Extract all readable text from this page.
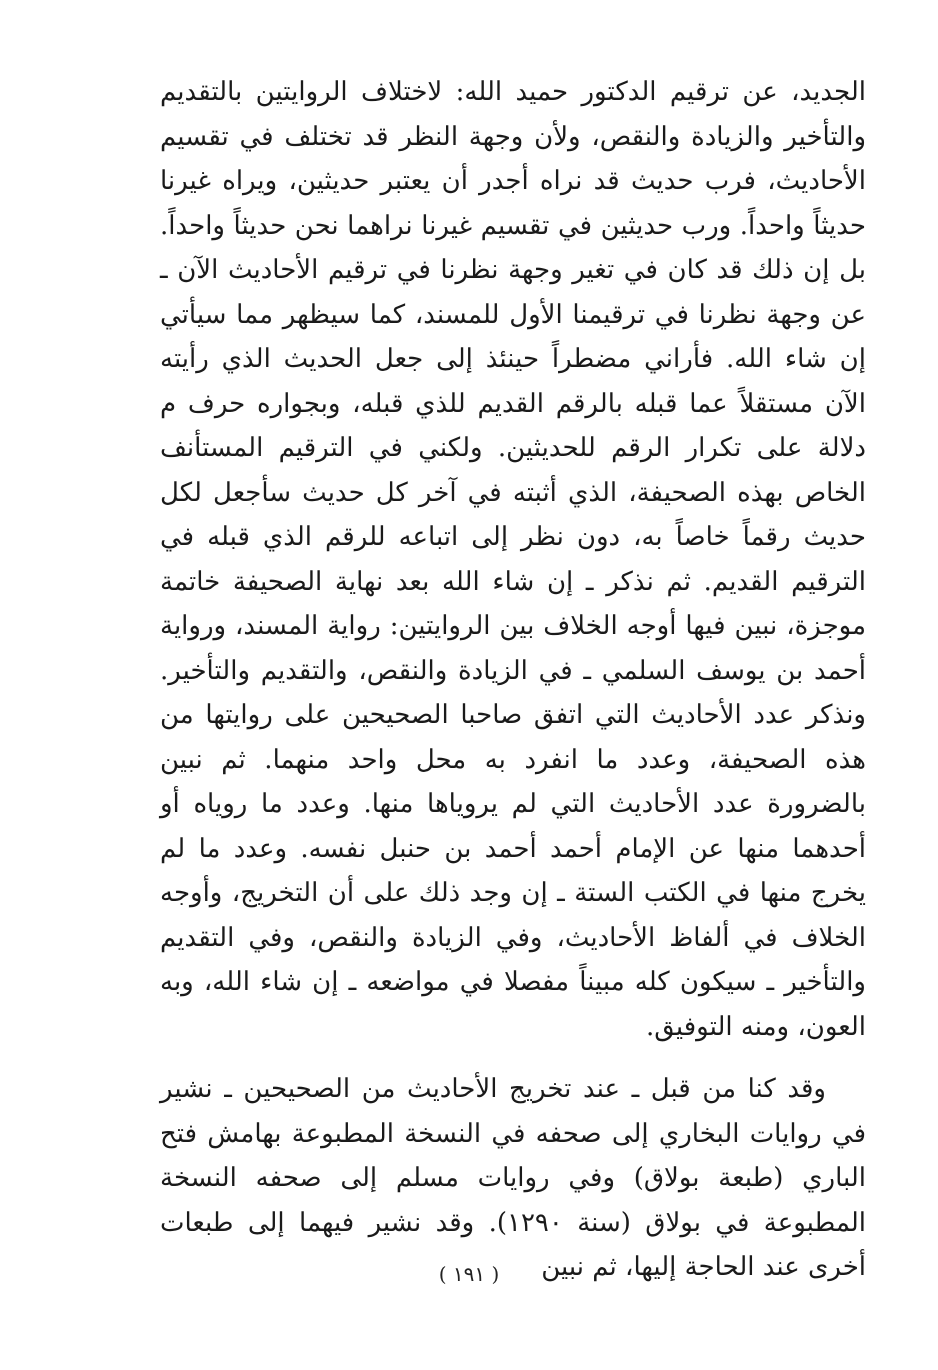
الجديد، عن ترقيم الدكتور حميد الله: لاختلاف الروايتين بالتقديم والتأخير والزيادة والنقص، ولأن وجهة النظر قد تختلف في تقسيم الأحاديث، فرب حديث قد نراه أجدر أن يعتبر حديثين، ويراه غيرنا حديثاً واحداً. ورب حديثين في تقسيم غيرنا نراهما نحن حديثاً واحداً. بل إن ذلك قد كان في تغير وجهة نظرنا في ترقيم الأحاديث الآن ـ عن وجهة نظرنا في ترقيمنا الأول للمسند، كما سيظهر مما سيأتي إن شاء الله. فأراني مضطراً حينئذ إلى جعل الحديث الذي رأيته الآن مستقلاً عما قبله بالرقم القديم للذي قبله، وبجواره حرف م دلالة على تكرار الرقم للحديثين. ولكني في الترقيم المستأنف الخاص بهذه الصحيفة، الذي أثبته في آخر كل حديث سأجعل لكل حديث رقماً خاصاً به، دون نظر إلى اتباعه للرقم الذي قبله في الترقيم القديم. ثم نذكر ـ إن شاء الله بعد نهاية الصحيفة خاتمة موجزة، نبين فيها أوجه الخلاف بين الروايتين: رواية المسند، ورواية أحمد بن يوسف السلمي ـ في الزيادة والنقص، والتقديم والتأخير. ونذكر عدد الأحاديث التي اتفق صاحبا الصحيحين على روايتها من هذه الصحيفة، وعدد ما انفرد به محل واحد منهما. ثم نبين بالضرورة عدد الأحاديث التي لم يروياها منها. وعدد ما روياه أو أحدهما منها عن الإمام أحمد أحمد بن حنبل نفسه. وعدد ما لم يخرج منها في الكتب الستة ـ إن وجد ذلك على أن التخريج، وأوجه الخلاف في ألفاظ الأحاديث، وفي الزيادة والنقص، وفي التقديم والتأخير ـ سيكون كله مبيناً مفصلا في مواضعه ـ إن شاء الله، وبه العون، ومنه التوفيق.

وقد كنا من قبل ـ عند تخريج الأحاديث من الصحيحين ـ نشير في روايات البخاري إلى صحفه في النسخة المطبوعة بهامش فتح الباري (طبعة بولاق) وفي روايات مسلم إلى صحفه النسخة المطبوعة في بولاق (سنة ١٢٩٠). وقد نشير فيهما إلى طبعات أخرى عند الحاجة إليها، ثم نبين

( ١٩١ )
